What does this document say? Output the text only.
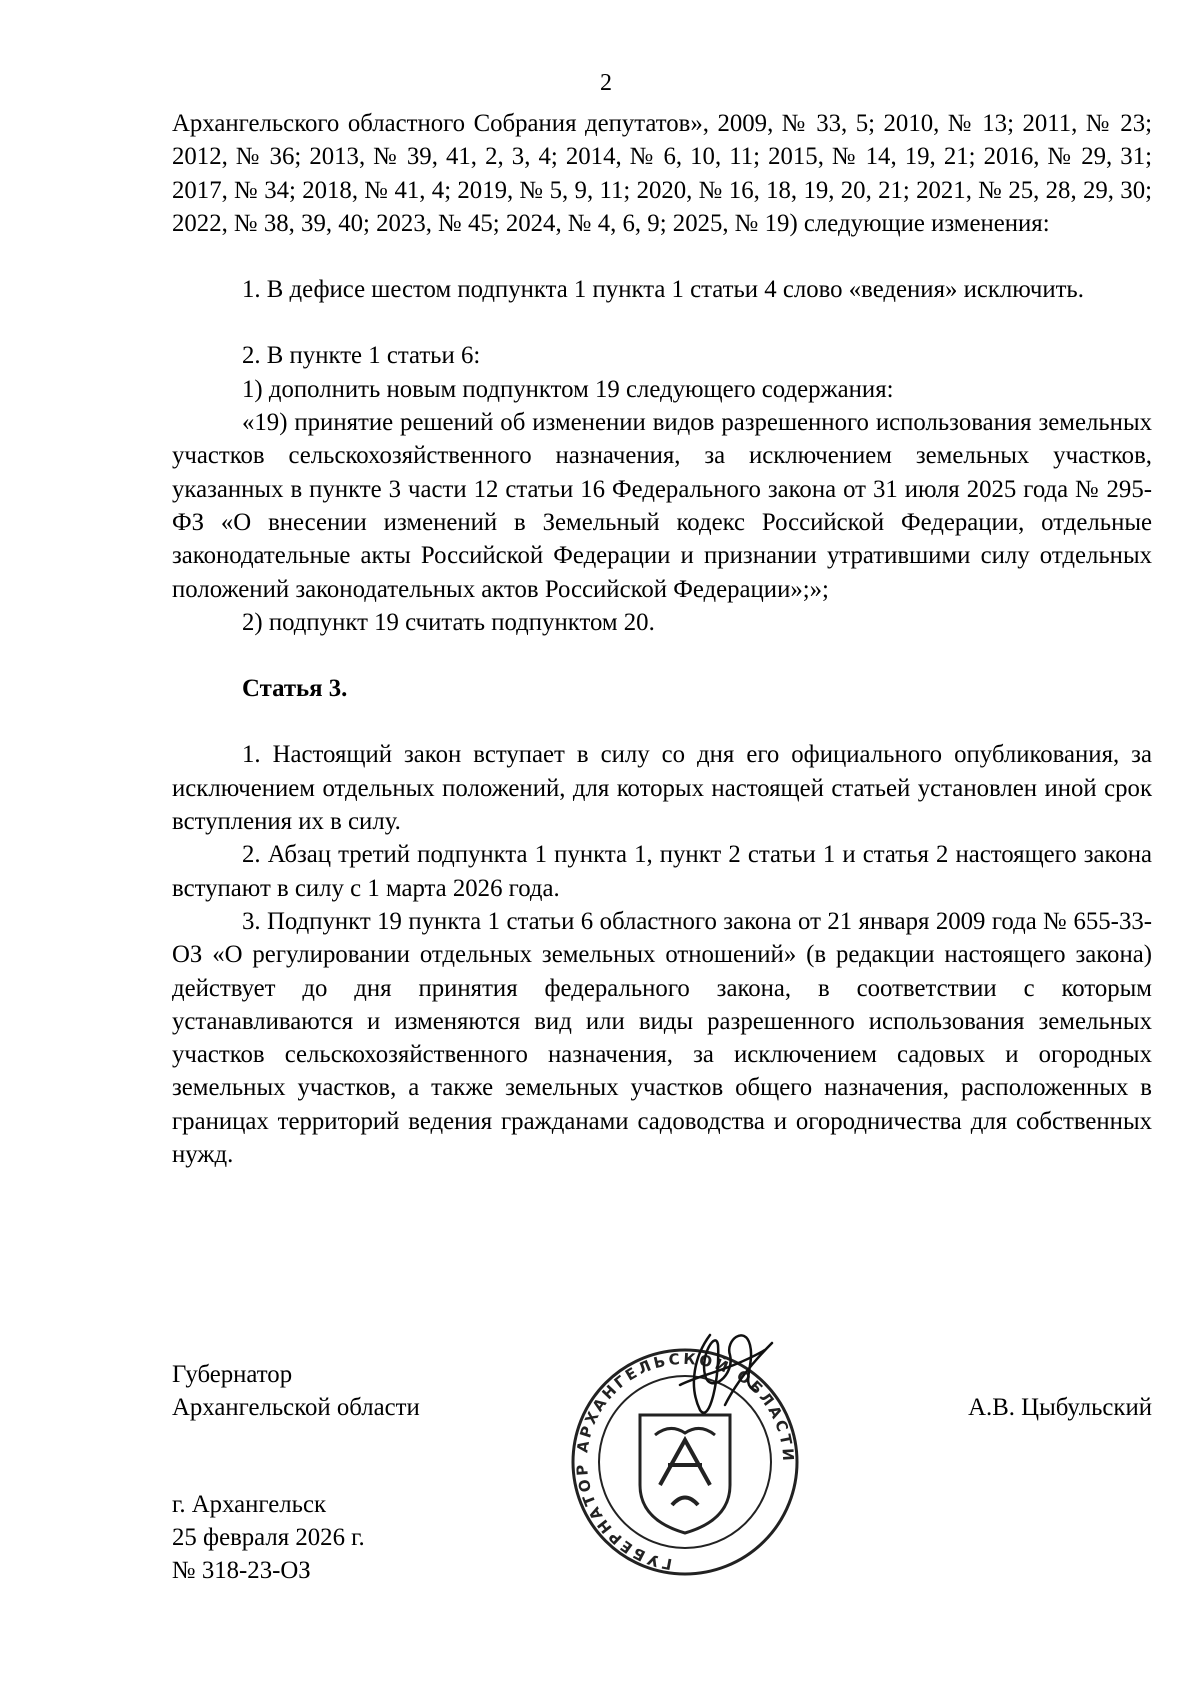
2

Архангельского областного Собрания депутатов», 2009, № 33, 5; 2010, № 13; 2011, № 23; 2012, № 36; 2013, № 39, 41, 2, 3, 4; 2014, № 6, 10, 11; 2015, № 14, 19, 21; 2016, № 29, 31; 2017, № 34; 2018, № 41, 4; 2019, № 5, 9, 11; 2020, № 16, 18, 19, 20, 21; 2021, № 25, 28, 29, 30; 2022, № 38, 39, 40; 2023, № 45; 2024, № 4, 6, 9; 2025, № 19) следующие изменения:

1. В дефисе шестом подпункта 1 пункта 1 статьи 4 слово «ведения» исключить.

2. В пункте 1 статьи 6:

1) дополнить новым подпунктом 19 следующего содержания:

«19) принятие решений об изменении видов разрешенного использования земельных участков сельскохозяйственного назначения, за исключением земельных участков, указанных в пункте 3 части 12 статьи 16 Федерального закона от 31 июля 2025 года № 295-ФЗ «О внесении изменений в Земельный кодекс Российской Федерации, отдельные законодательные акты Российской Федерации и признании утратившими силу отдельных положений законодательных актов Российской Федерации»;»;

2) подпункт 19 считать подпунктом 20.

Статья 3.

1. Настоящий закон вступает в силу со дня его официального опубликования, за исключением отдельных положений, для которых настоящей статьей установлен иной срок вступления их в силу.

2. Абзац третий подпункта 1 пункта 1, пункт 2 статьи 1 и статья 2 настоящего закона вступают в силу с 1 марта 2026 года.

3. Подпункт 19 пункта 1 статьи 6 областного закона от 21 января 2009 года № 655-33-ОЗ «О регулировании отдельных земельных отношений» (в редакции настоящего закона) действует до дня принятия федерального закона, в соответствии с которым устанавливаются и изменяются вид или виды разрешенного использования земельных участков сельскохозяйственного назначения, за исключением садовых и огородных земельных участков, а также земельных участков общего назначения, расположенных в границах территорий ведения гражданами садоводства и огородничества для собственных нужд.

Губернатор
Архангельской области	А.В. Цыбульский
ГУБЕРНАТОР АРХАНГЕЛЬСКОЙ ОБЛАСТИ
г. Архангельск
25 февраля 2026 г.
№ 318-23-ОЗ
